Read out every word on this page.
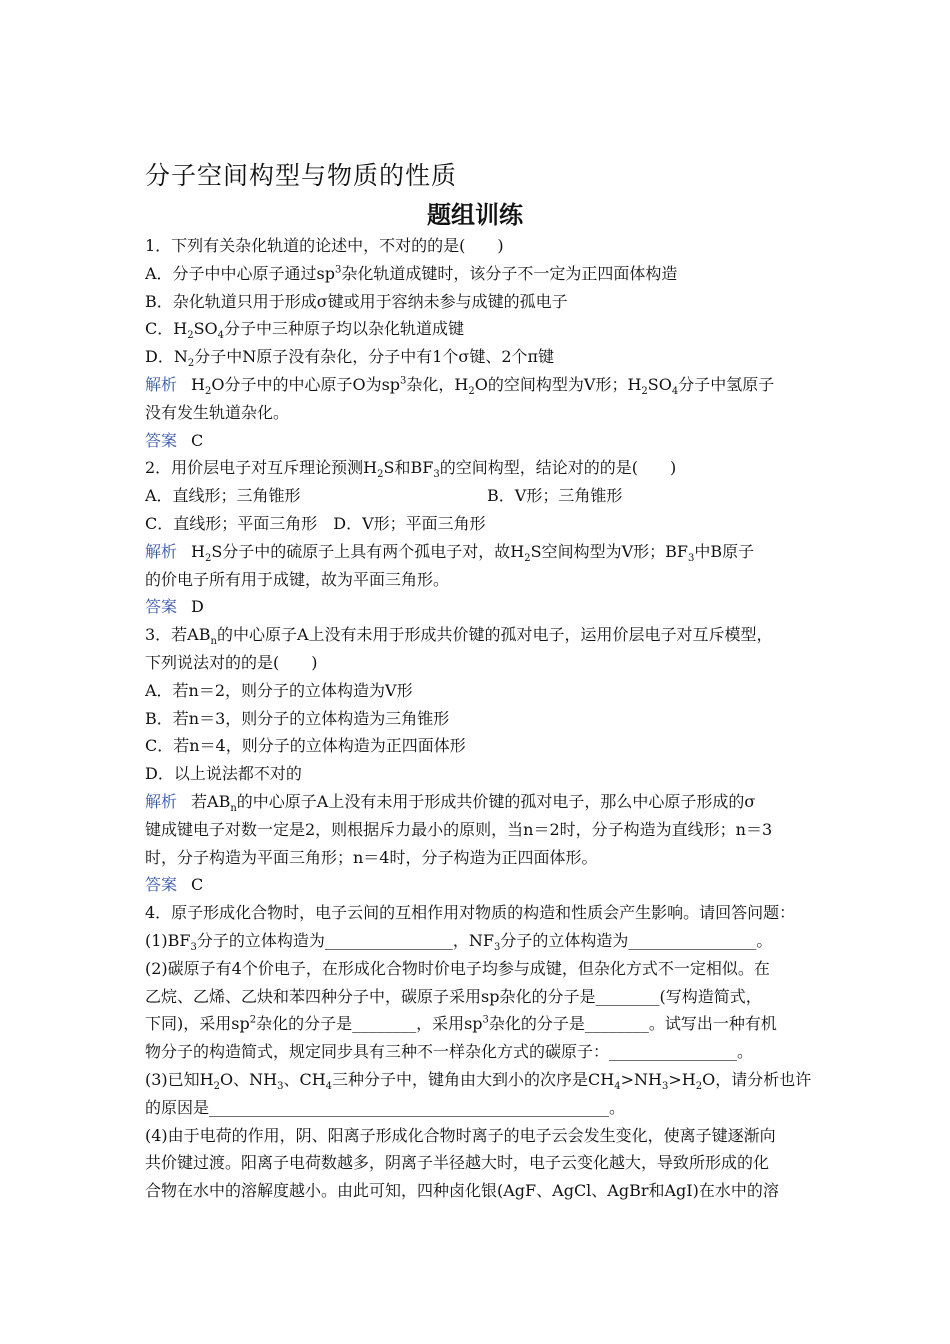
分子空间构型与物质的性质
题组训练
1．下列有关杂化轨道的论述中，不对的的是(　　)
A．分子中中心原子通过$sp^3$杂化轨道成键时，该分子不一定为正四面体构造
B．杂化轨道只用于形成σ键或用于容纳未参与成键的孤电子
C．$H_2SO_4$分子中三种原子均以杂化轨道成键
D．$N_2$分子中N原子没有杂化，分子中有1个σ键、2个π键
解析 $H_2O$分子中的中心原子O为$sp^3$杂化，$H_2O$的空间构型为V形；$H_2SO_4$分子中氢原子
没有发生轨道杂化。
答案 C
2．用价层电子对互斥理论预测$H_2S$和$BF_3$的空间构型，结论对的的是(　　)
A．直线形；三角锥形	B．V形；三角锥形
C．直线形；平面三角形　D．V形；平面三角形
解析 $H_2S$分子中的硫原子上具有两个孤电子对，故$H_2S$空间构型为V形；$BF_3$中B原子
的价电子所有用于成键，故为平面三角形。
答案 D
3．若$AB_n$的中心原子A上没有未用于形成共价键的孤对电子，运用价层电子对互斥模型，
下列说法对的的是(　　)
A．若n＝2，则分子的立体构造为V形
B．若n＝3，则分子的立体构造为三角锥形
C．若n＝4，则分子的立体构造为正四面体形
D．以上说法都不对的
解析 若$AB_n$的中心原子A上没有未用于形成共价键的孤对电子，那么中心原子形成的σ
键成键电子对数一定是2，则根据斥力最小的原则，当n＝2时，分子构造为直线形；n＝3
时，分子构造为平面三角形；n＝4时，分子构造为正四面体形。
答案 C
4．原子形成化合物时，电子云间的互相作用对物质的构造和性质会产生影响。请回答问题：
$(1)BF_3$分子的立体构造为________________，$NF_3$分子的立体构造为________________。
(2)碳原子有4个价电子，在形成化合物时价电子均参与成键，但杂化方式不一定相似。在
乙烷、乙烯、乙炔和苯四种分子中，碳原子采用sp杂化的分子是________(写构造简式，
下同)，采用$sp^2$杂化的分子是________，采用$sp^3$杂化的分子是________。试写出一种有机
物分子的构造简式，规定同步具有三种不一样杂化方式的碳原子：________________。
(3)已知$H_2O$、$NH_3$、$CH_4$三种分子中，键角由大到小的次序是$CH_4>NH_3>H_2O$，请分析也许
的原因是__________________________________________________。
(4)由于电荷的作用，阴、阳离子形成化合物时离子的电子云会发生变化，使离子键逐渐向
共价键过渡。阳离子电荷数越多，阴离子半径越大时，电子云变化越大，导致所形成的化
合物在水中的溶解度越小。由此可知，四种卤化银(AgF、AgCl、AgBr和AgI)在水中的溶
